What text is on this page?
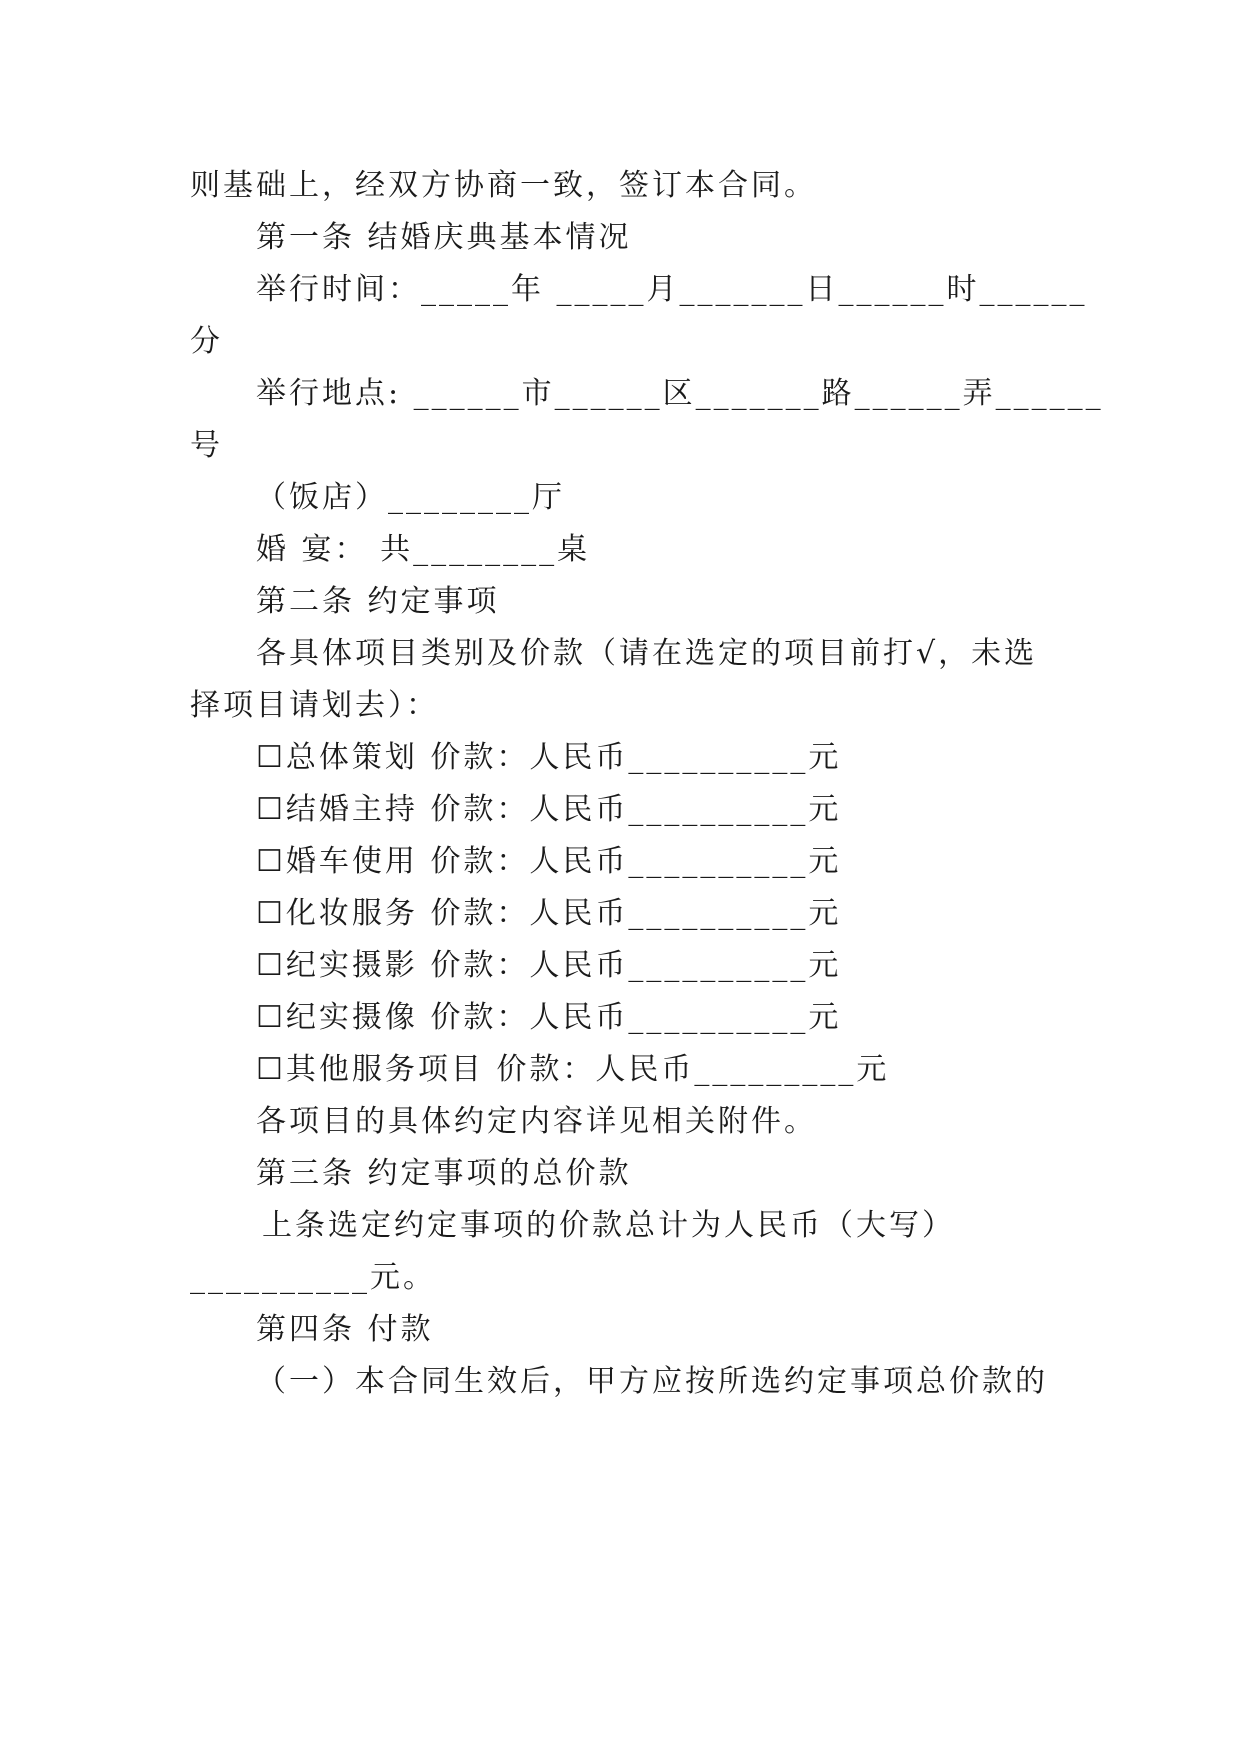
则基础上，经双方协商一致，签订本合同。
第一条 结婚庆典基本情况
举行时间：_____年 _____月_______日______时______
分
举行地点: ______市______区_______路______弄______
号
（饭店）________厅
婚 宴： 共________桌
第二条 约定事项
各具体项目类别及价款（请在选定的项目前打√，未选
择项目请划去）：
☐总体策划 价款：人民币__________元
☐结婚主持 价款：人民币__________元
☐婚车使用 价款：人民币__________元
☐化妆服务 价款：人民币__________元
☐纪实摄影 价款：人民币__________元
☐纪实摄像 价款：人民币__________元
☐其他服务项目 价款：人民币_________元
各项目的具体约定内容详见相关附件。
第三条 约定事项的总价款
上条选定约定事项的价款总计为人民币（大写）
__________元。
第四条 付款
（一）本合同生效后，甲方应按所选约定事项总价款的
